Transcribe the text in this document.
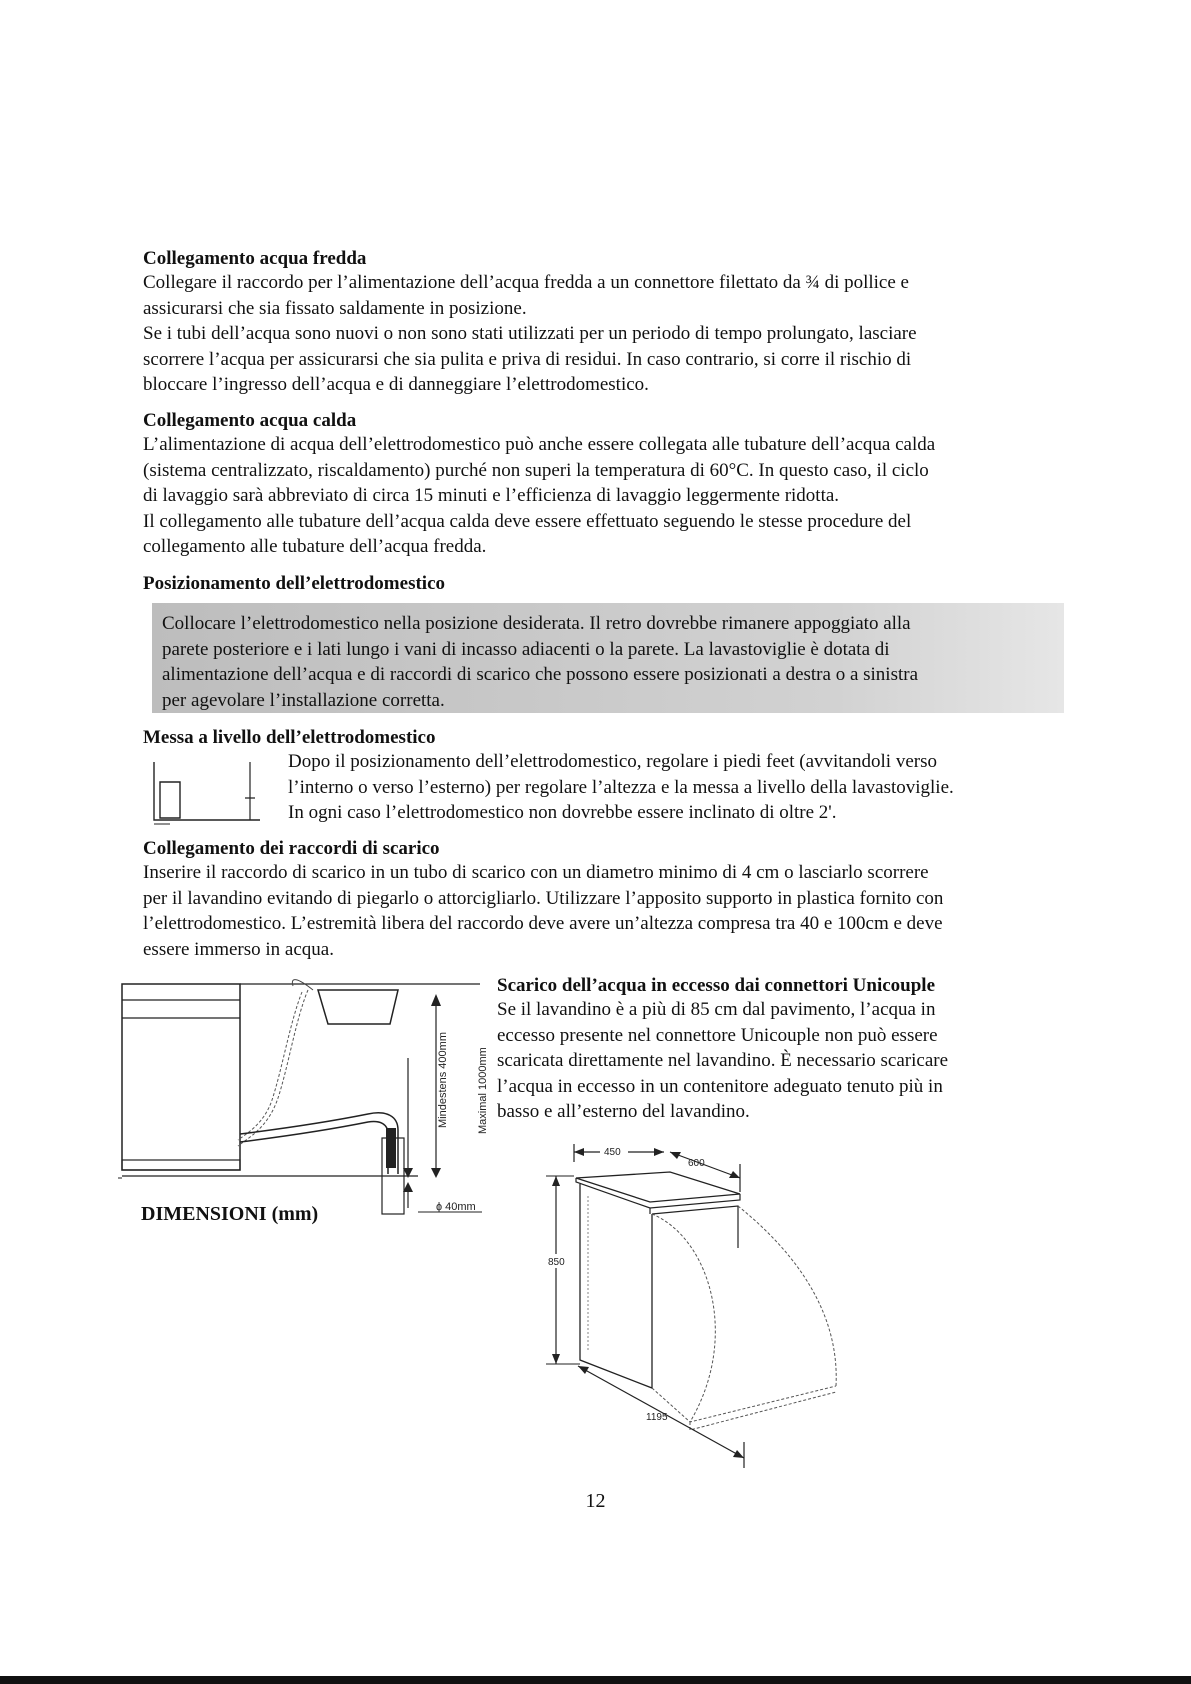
Collegamento acqua fredda
Collegare il raccordo per l’alimentazione dell’acqua fredda a un connettore filettato da ¾ di pollice e
assicurarsi che sia fissato saldamente in posizione.
Se i tubi dell’acqua sono nuovi o non sono stati utilizzati per un periodo di tempo prolungato, lasciare
scorrere l’acqua per assicurarsi che sia pulita e priva di residui. In caso contrario, si corre il rischio di
bloccare l’ingresso dell’acqua e di danneggiare l’elettrodomestico.
Collegamento acqua calda
L’alimentazione di acqua dell’elettrodomestico può anche essere collegata alle tubature dell’acqua calda
(sistema centralizzato, riscaldamento) purché non superi la temperatura di 60°C. In questo caso, il ciclo
di lavaggio sarà abbreviato di circa 15 minuti e l’efficienza di lavaggio leggermente ridotta.
Il collegamento alle tubature dell’acqua calda deve essere effettuato seguendo le stesse procedure del
collegamento alle tubature dell’acqua fredda.
Posizionamento dell’elettrodomestico
Collocare l’elettrodomestico nella posizione desiderata. Il retro dovrebbe rimanere appoggiato alla
parete posteriore e i lati lungo i vani di incasso adiacenti o la parete. La lavastoviglie è dotata di
alimentazione dell’acqua e di raccordi di scarico che possono essere posizionati a destra o a sinistra
per agevolare l’installazione corretta.
Messa a livello dell’elettrodomestico
Dopo il posizionamento dell’elettrodomestico, regolare i piedi feet (avvitandoli verso
l’interno o verso l’esterno) per regolare l’altezza e la messa a livello della lavastoviglie.
In ogni caso l’elettrodomestico non dovrebbe essere inclinato di oltre 2'.
Collegamento dei raccordi di scarico
Inserire il raccordo di scarico in un tubo di scarico con un diametro minimo di 4 cm o lasciarlo scorrere
per il lavandino evitando di piegarlo o attorcigliarlo. Utilizzare l’apposito supporto in plastica fornito con
l’elettrodomestico. L’estremità libera del raccordo deve avere un’altezza compresa tra 40 e 100cm e deve
essere immerso in acqua.
Mindestens 400mm	Maximal 1000mm
ɸ 40mm
Scarico dell’acqua in eccesso dai connettori Unicouple
Se il lavandino è a più di 85 cm dal pavimento, l’acqua in
eccesso presente nel connettore Unicouple non può essere
scaricata direttamente nel lavandino. È necessario scaricare
l’acqua in eccesso in un contenitore adeguato tenuto più in
basso e all’esterno del lavandino.
DIMENSIONI (mm)
450
600
850
1195
12
